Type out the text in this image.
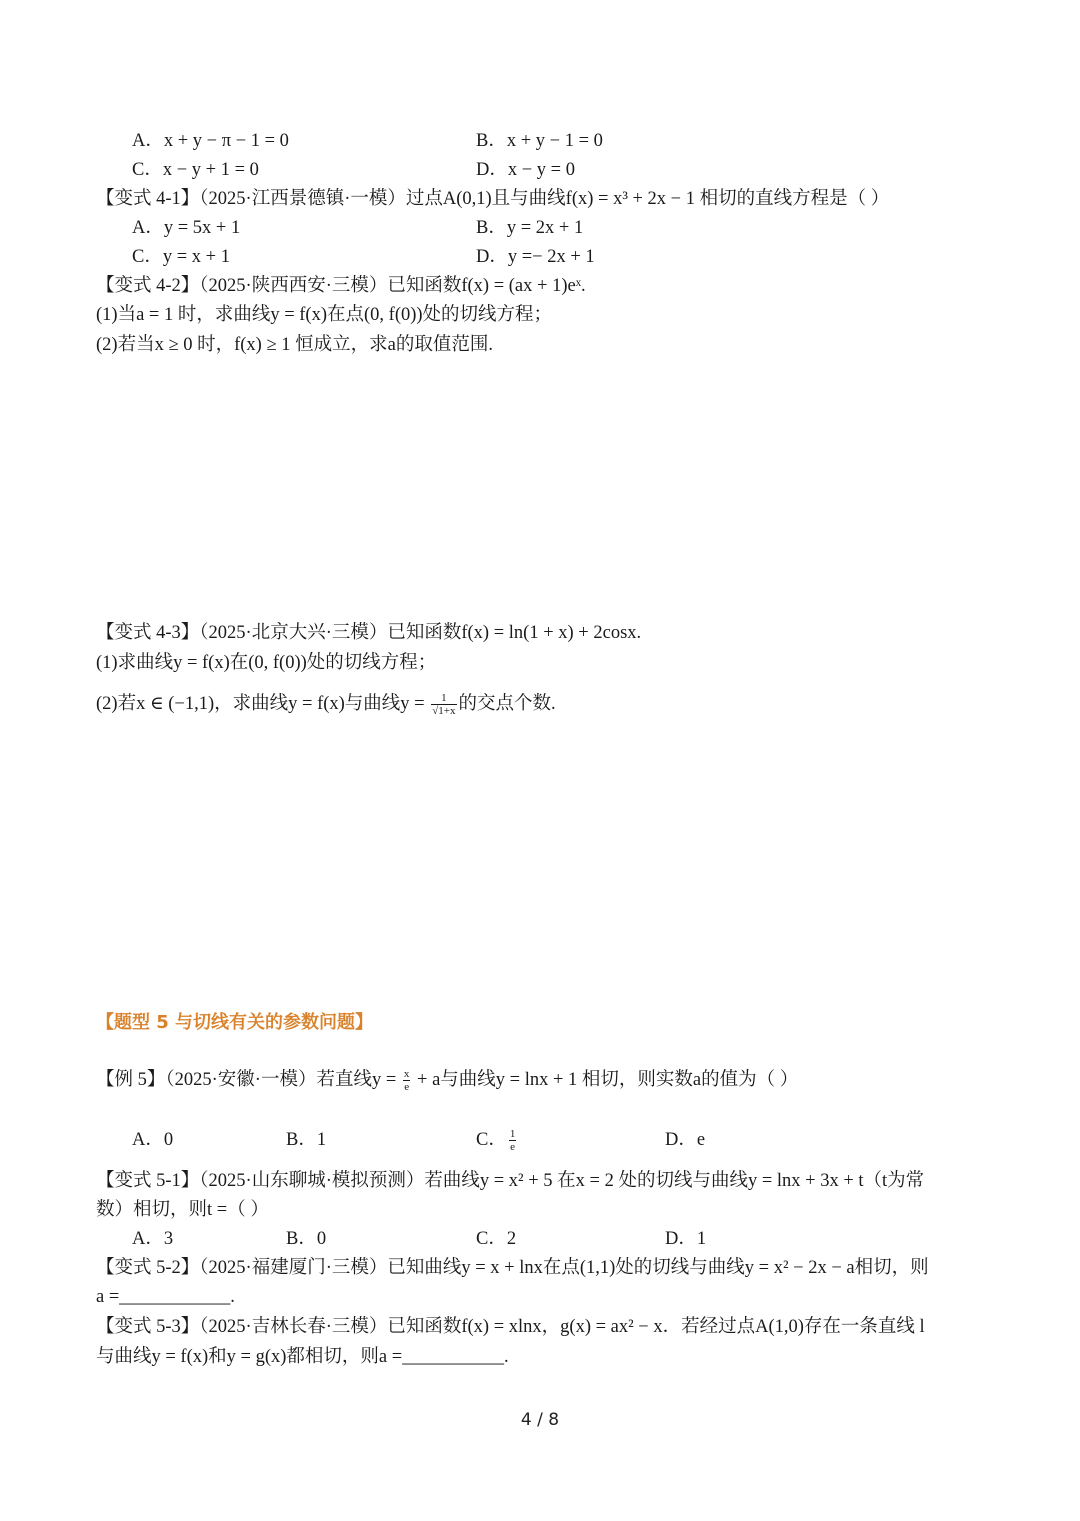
A．x + y − π − 1 = 0	B．x + y − 1 = 0
C．x − y + 1 = 0	D．x − y = 0
【变式 4-1】（2025·江西景德镇·一模）过点A(0,1)且与曲线f(x) = x³ + 2x − 1 相切的直线方程是（ ）
A．y = 5x + 1	B．y = 2x + 1
C．y = x + 1	D．y =− 2x + 1
【变式 4-2】（2025·陕西西安·三模）已知函数f(x) = (ax + 1)eˣ.
(1)当a = 1 时，求曲线y = f(x)在点(0, f(0))处的切线方程；
(2)若当x ≥ 0 时，f(x) ≥ 1 恒成立，求a的取值范围.
【变式 4-3】（2025·北京大兴·三模）已知函数f(x) = ln(1 + x) + 2cosx.
(1)求曲线y = f(x)在(0, f(0))处的切线方程；
(2)若x ∈ (−1,1)，求曲线y = f(x)与曲线$y = \frac{1}{√1+x}$ 的交点个数.
【题型 5 与切线有关的参数问题】
【例 5】（2025·安徽·一模）若直线$y = \frac{x}{e} + a$与曲线y = lnx + 1 相切，则实数a的值为（ ）
A．0	B．1	C． $\frac{1}{e}$	D．e
【变式 5-1】（2025·山东聊城·模拟预测）若曲线y = x² + 5 在x = 2 处的切线与曲线y = lnx + 3x + t（t为常
数）相切，则t =（ ）
A．3	B．0	C．2	D．1
【变式 5-2】（2025·福建厦门·三模）已知曲线y = x + lnx在点(1,1)处的切线与曲线y = x² − 2x − a相切，则
a =____________.
【变式 5-3】（2025·吉林长春·三模）已知函数f(x) = xlnx，g(x) = ax² − x．若经过点A(1,0)存在一条直线 l
与曲线y = f(x)和y = g(x)都相切，则a =___________.
4 / 8
